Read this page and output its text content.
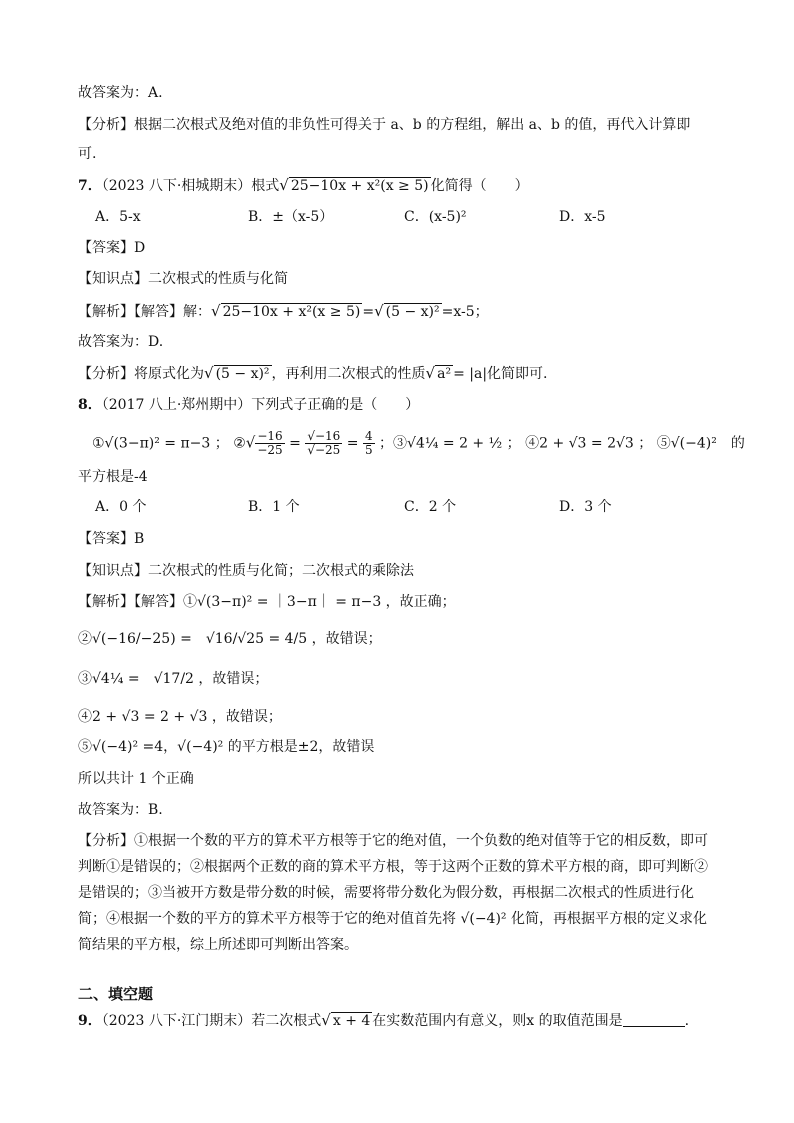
故答案为：A.
【分析】根据二次根式及绝对值的非负性可得关于 a、b 的方程组，解出 a、b 的值，再代入计算即
可.
7．（2023 八下·相城期末）根式√ 25−10x + x²(x ≥ 5) 化简得（　　）
A．5-x	B．±（x-5）	C．(x-5)²	D．x-5
【答案】D
【知识点】二次根式的性质与化简
【解析】【解答】解：√ 25−10x + x²(x ≥ 5) =√ (5 − x)² =x-5；
故答案为：D.
【分析】将原式化为√ (5 − x)² ，再利用二次根式的性质√ a² = |a|化简即可.
8．（2017 八上·郑州期中）下列式子正确的是（　　）
①√(3−π)² = π−3 ； ②√ $\frac{-16}{-25} = \frac{√-16}{√-25} = \frac{4}{5}$ ；③√4¼ = 2 + ½ ； ④2 + √3 = 2√3 ； ⑤√(−4)²　的
平方根是-4
A．0 个	B．1 个	C．2 个	D．3 个
【答案】B
【知识点】二次根式的性质与化简；二次根式的乘除法
【解析】【解答】①√(3−π)² = ｜3−π｜ = π−3 ，故正确；
②√(−16/−25) =　√16/√25 = 4/5 ，故错误；
③√4¼ =　√17/2 ，故错误；
④2 + √3 = 2 + √3 ，故错误；
⑤√(−4)² =4，√(−4)² 的平方根是±2，故错误
所以共计 1 个正确
故答案为：B.
【分析】①根据一个数的平方的算术平方根等于它的绝对值，一个负数的绝对值等于它的相反数，即可判断①是错误的；②根据两个正数的商的算术平方根，等于这两个正数的算术平方根的商，即可判断②是错误的；③当被开方数是带分数的时候，需要将带分数化为假分数，再根据二次根式的性质进行化简；④根据一个数的平方的算术平方根等于它的绝对值首先将 √(−4)² 化简，再根据平方根的定义求化简结果的平方根，综上所述即可判断出答案。
二、填空题
9．（2023 八下·江门期末）若二次根式√ x + 4 在实数范围内有意义，则x 的取值范围是	.
